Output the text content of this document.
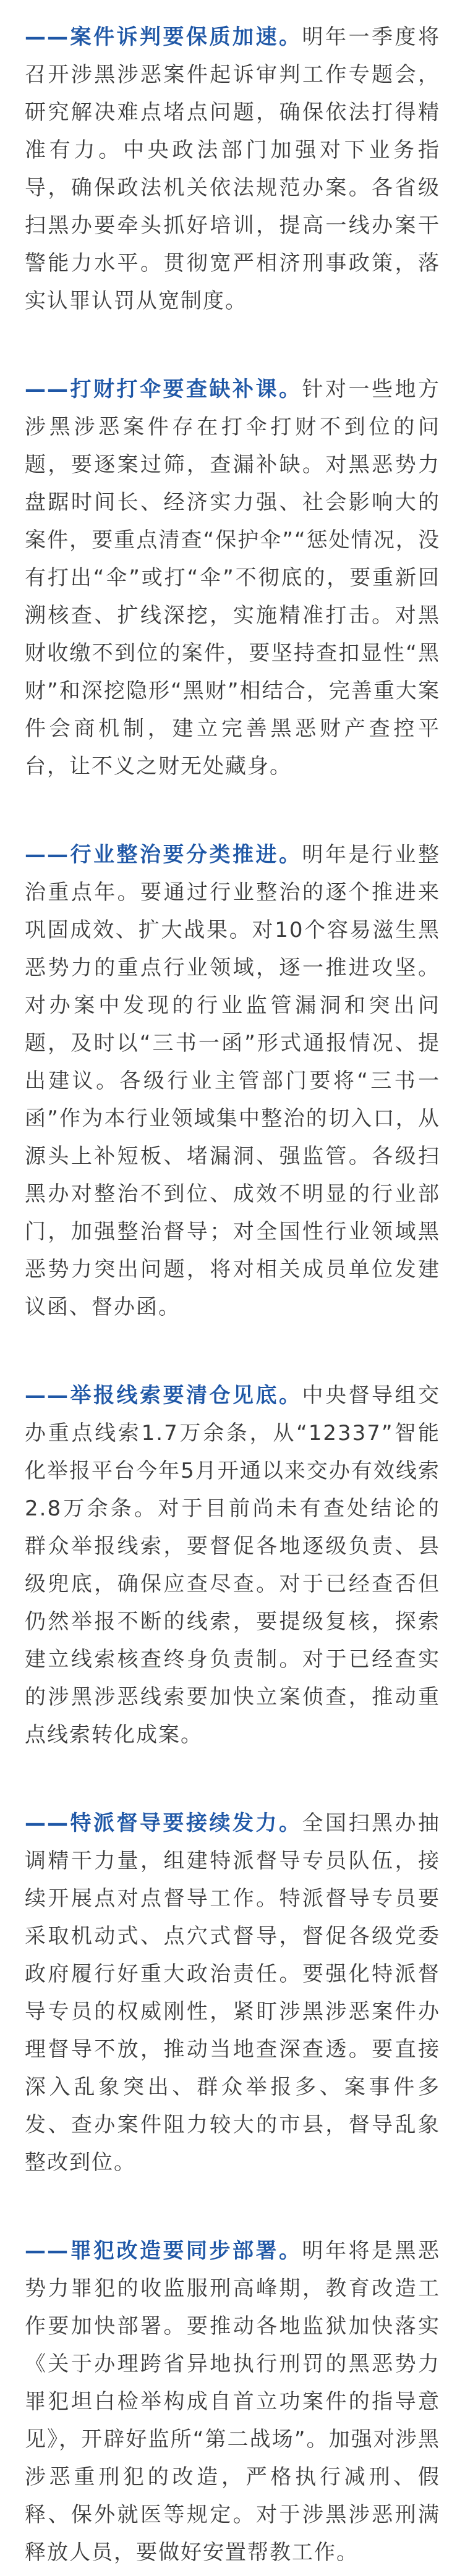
——案件诉判要保质加速。明年一季度将召开涉黑涉恶案件起诉审判工作专题会，研究解决难点堵点问题，确保依法打得精准有力。中央政法部门加强对下业务指导，确保政法机关依法规范办案。各省级扫黑办要牵头抓好培训，提高一线办案干警能力水平。贯彻宽严相济刑事政策，落实认罪认罚从宽制度。

——打财打伞要查缺补课。针对一些地方涉黑涉恶案件存在打伞打财不到位的问题，要逐案过筛，查漏补缺。对黑恶势力盘踞时间长、经济实力强、社会影响大的案件，要重点清查“保护伞”“惩处情况，没有打出“伞”或打“伞”不彻底的，要重新回溯核查、扩线深挖，实施精准打击。对黑财收缴不到位的案件，要坚持查扣显性“黑财”和深挖隐形“黑财”相结合，完善重大案件会商机制，建立完善黑恶财产查控平台，让不义之财无处藏身。

——行业整治要分类推进。明年是行业整治重点年。要通过行业整治的逐个推进来巩固成效、扩大战果。对10个容易滋生黑恶势力的重点行业领域，逐一推进攻坚。对办案中发现的行业监管漏洞和突出问题，及时以“三书一函”形式通报情况、提出建议。各级行业主管部门要将“三书一函”作为本行业领域集中整治的切入口，从源头上补短板、堵漏洞、强监管。各级扫黑办对整治不到位、成效不明显的行业部门，加强整治督导；对全国性行业领域黑恶势力突出问题，将对相关成员单位发建议函、督办函。

——举报线索要清仓见底。中央督导组交办重点线索1.7万余条，从“12337”智能化举报平台今年5月开通以来交办有效线索2.8万余条。对于目前尚未有查处结论的群众举报线索，要督促各地逐级负责、县级兜底，确保应查尽查。对于已经查否但仍然举报不断的线索，要提级复核，探索建立线索核查终身负责制。对于已经查实的涉黑涉恶线索要加快立案侦查，推动重点线索转化成案。

——特派督导要接续发力。全国扫黑办抽调精干力量，组建特派督导专员队伍，接续开展点对点督导工作。特派督导专员要采取机动式、点穴式督导，督促各级党委政府履行好重大政治责任。要强化特派督导专员的权威刚性，紧盯涉黑涉恶案件办理督导不放，推动当地查深查透。要直接深入乱象突出、群众举报多、案事件多发、查办案件阻力较大的市县，督导乱象整改到位。

——罪犯改造要同步部署。明年将是黑恶势力罪犯的收监服刑高峰期，教育改造工作要加快部署。要推动各地监狱加快落实《关于办理跨省异地执行刑罚的黑恶势力罪犯坦白检举构成自首立功案件的指导意见》，开辟好监所“第二战场”。加强对涉黑涉恶重刑犯的改造，严格执行减刑、假释、保外就医等规定。对于涉黑涉恶刑满释放人员，要做好安置帮教工作。
